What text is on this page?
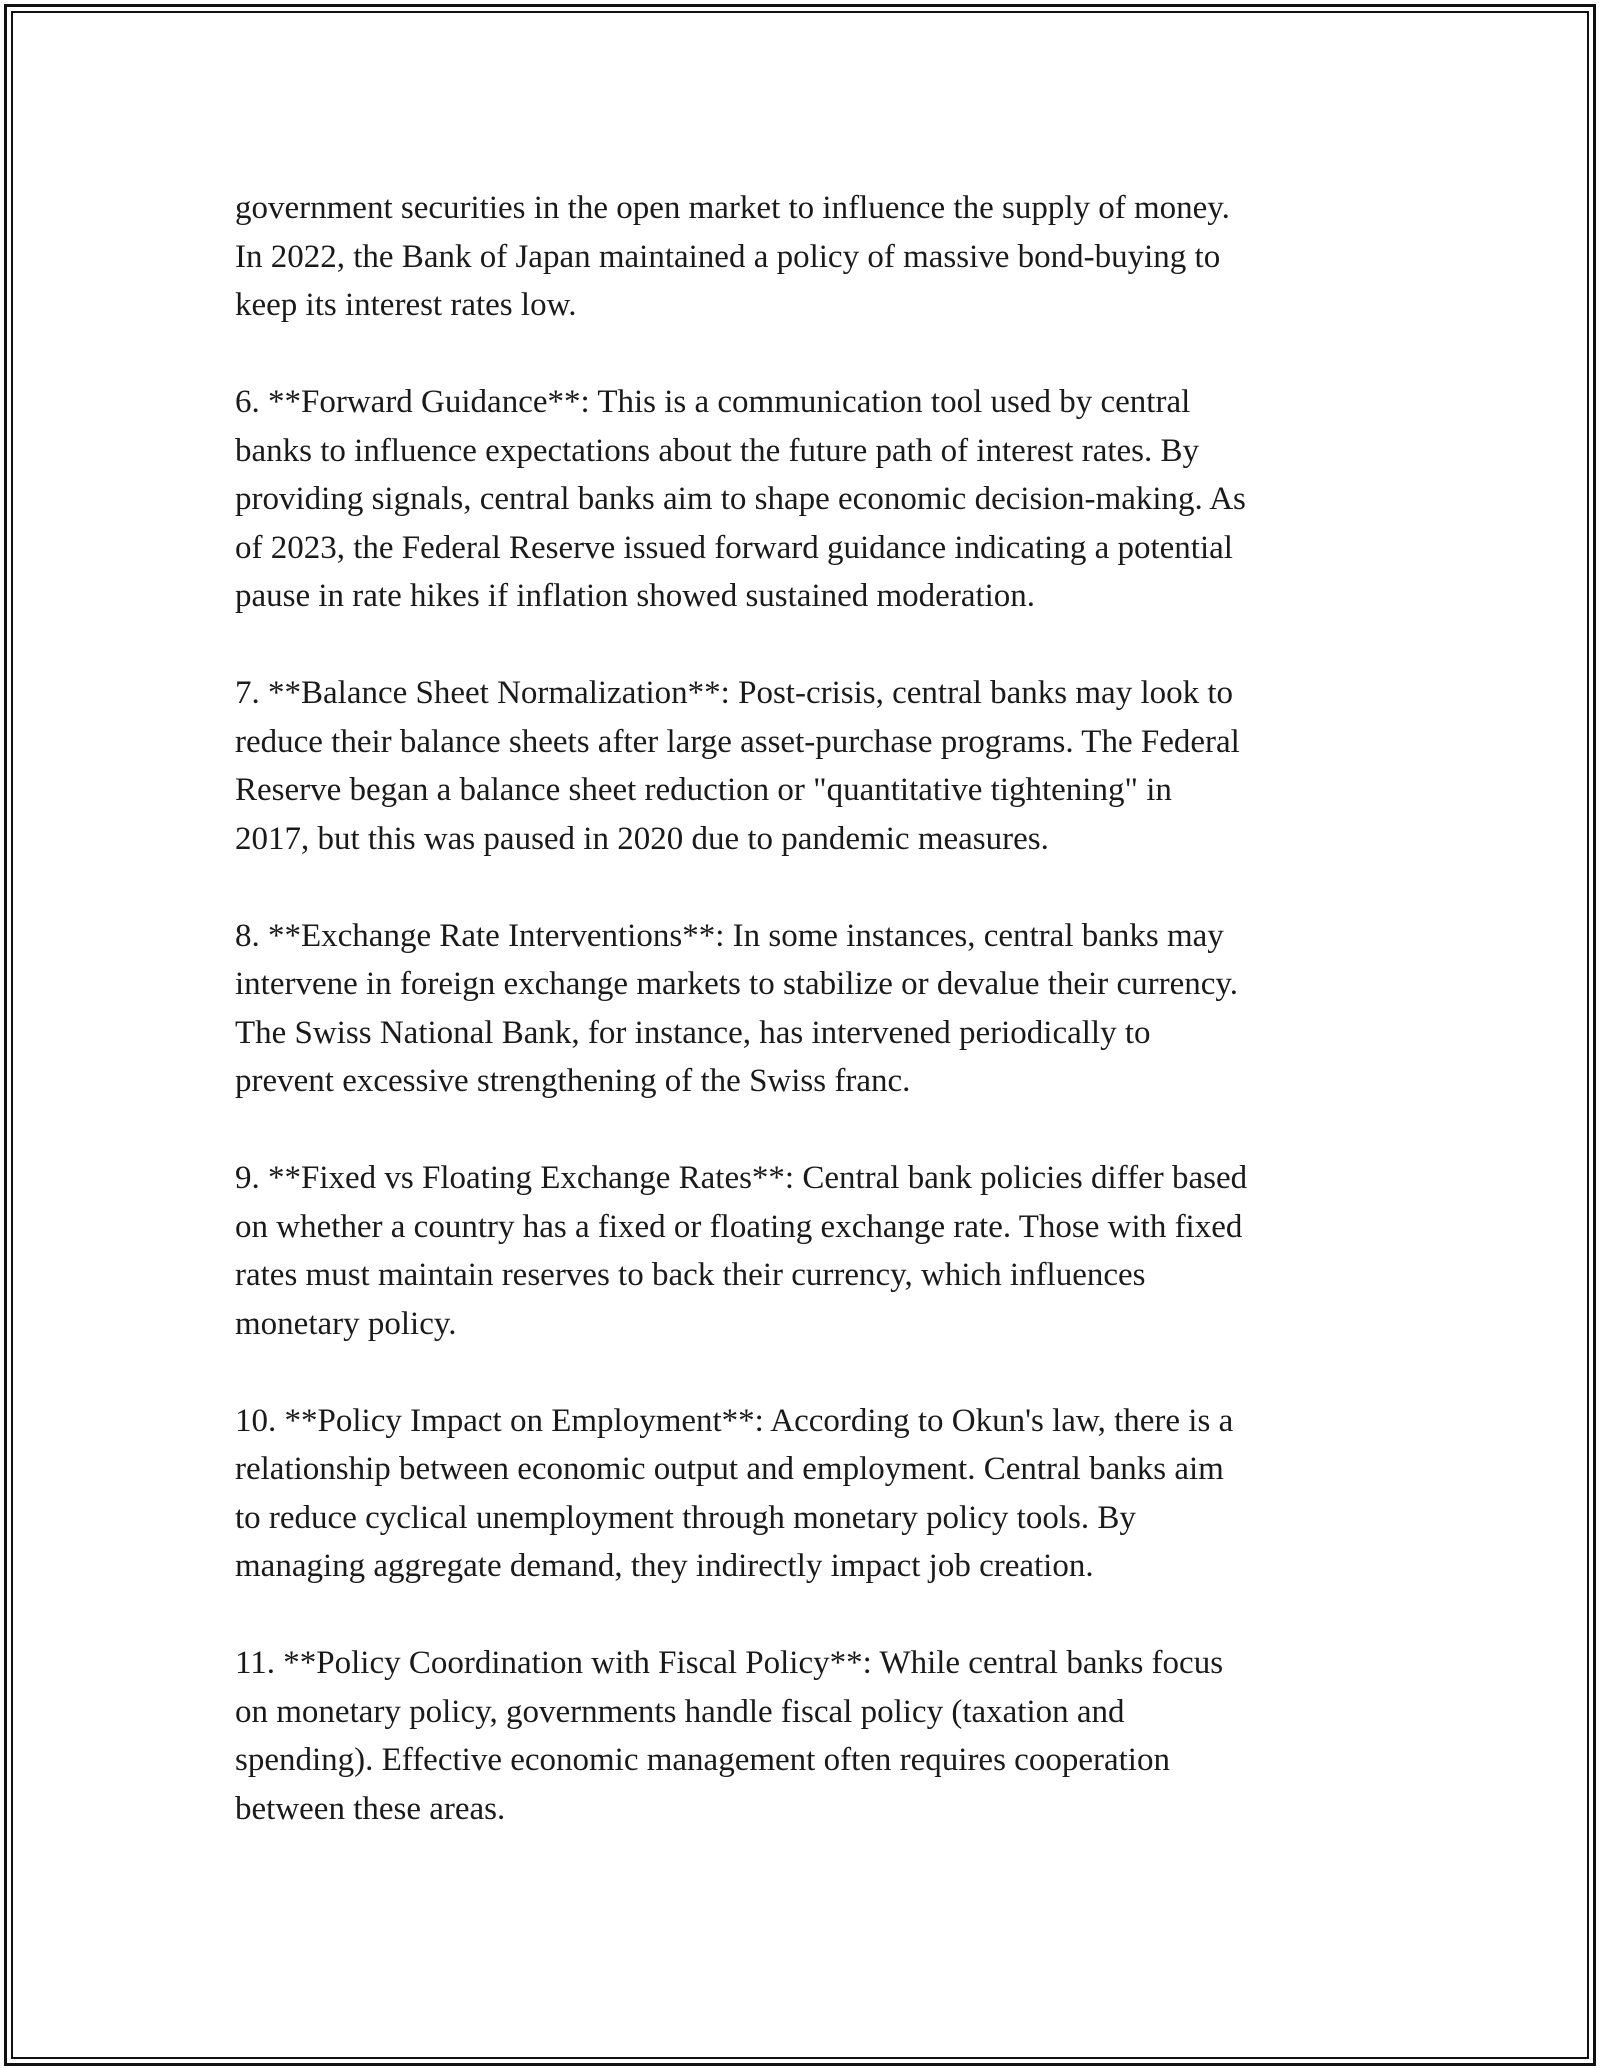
government securities in the open market to influence the supply of money.
In 2022, the Bank of Japan maintained a policy of massive bond-buying to
keep its interest rates low.

6. **Forward Guidance**: This is a communication tool used by central
banks to influence expectations about the future path of interest rates. By
providing signals, central banks aim to shape economic decision-making. As
of 2023, the Federal Reserve issued forward guidance indicating a potential
pause in rate hikes if inflation showed sustained moderation.

7. **Balance Sheet Normalization**: Post-crisis, central banks may look to
reduce their balance sheets after large asset-purchase programs. The Federal
Reserve began a balance sheet reduction or "quantitative tightening" in
2017, but this was paused in 2020 due to pandemic measures.

8. **Exchange Rate Interventions**: In some instances, central banks may
intervene in foreign exchange markets to stabilize or devalue their currency.
The Swiss National Bank, for instance, has intervened periodically to
prevent excessive strengthening of the Swiss franc.

9. **Fixed vs Floating Exchange Rates**: Central bank policies differ based
on whether a country has a fixed or floating exchange rate. Those with fixed
rates must maintain reserves to back their currency, which influences
monetary policy.

10. **Policy Impact on Employment**: According to Okun's law, there is a
relationship between economic output and employment. Central banks aim
to reduce cyclical unemployment through monetary policy tools. By
managing aggregate demand, they indirectly impact job creation.

11. **Policy Coordination with Fiscal Policy**: While central banks focus
on monetary policy, governments handle fiscal policy (taxation and
spending). Effective economic management often requires cooperation
between these areas.
